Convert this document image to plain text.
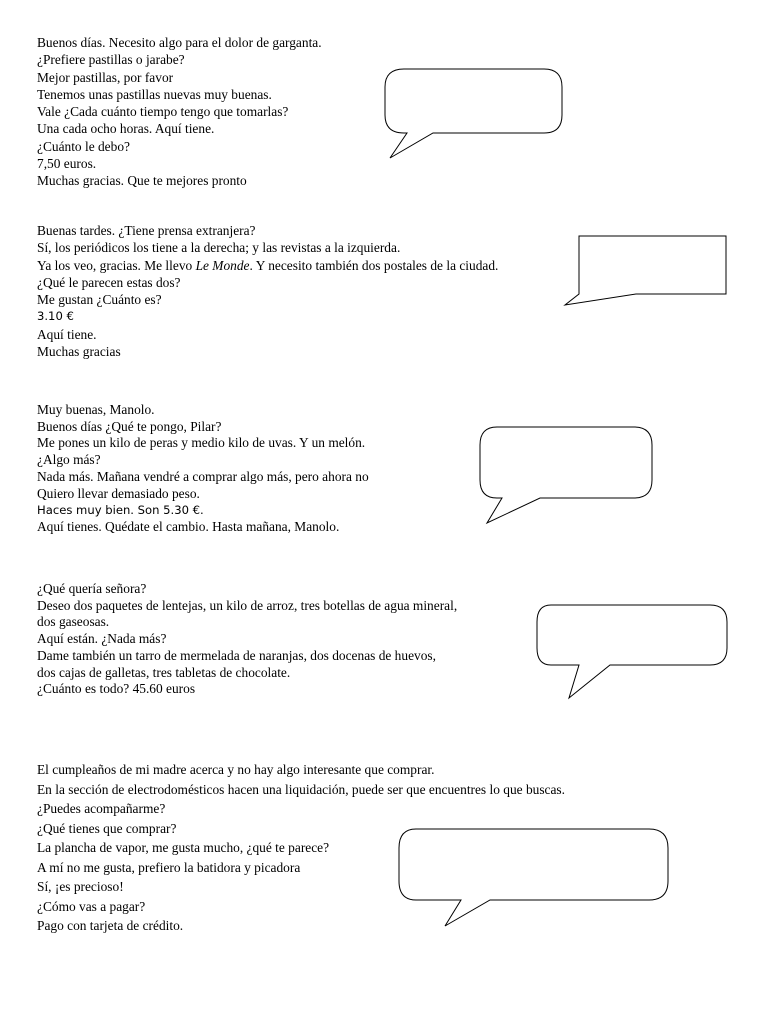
Buenos días. Necesito algo para el dolor de garganta.
¿Prefiere pastillas o jarabe?
Mejor pastillas, por favor
Tenemos unas pastillas nuevas muy buenas.
Vale ¿Cada cuánto tiempo tengo que tomarlas?
Una cada ocho horas. Aquí tiene.
¿Cuánto le debo?
7,50 euros.
Muchas gracias. Que te mejores pronto
Buenas tardes. ¿Tiene prensa extranjera?
Sí, los periódicos los tiene a la derecha; y las revistas a la izquierda.
Ya los veo, gracias. Me llevo Le Monde. Y necesito también dos postales de la ciudad.
¿Qué le parecen estas dos?
Me gustan ¿Cuánto es?
3.10 €
Aquí tiene.
Muchas gracias
Muy buenas, Manolo.
Buenos días ¿Qué te pongo, Pilar?
Me pones un kilo de peras y medio kilo de uvas. Y un melón.
¿Algo más?
Nada más. Mañana vendré a comprar algo más, pero ahora no
Quiero llevar demasiado peso.
Haces muy bien. Son 5.30 €.
Aquí tienes. Quédate el cambio. Hasta mañana, Manolo.
¿Qué quería señora?
Deseo dos paquetes de lentejas, un kilo de arroz, tres botellas de agua mineral,
dos gaseosas.
Aquí están. ¿Nada más?
Dame también un tarro de mermelada de naranjas, dos docenas de huevos,
dos cajas de galletas, tres tabletas de chocolate.
¿Cuánto es todo? 45.60 euros
El cumpleaños de mi madre acerca y no hay algo interesante que comprar.
En la sección de electrodomésticos hacen una liquidación, puede ser que encuentres lo que buscas.
¿Puedes acompañarme?
¿Qué tienes que comprar?
La plancha de vapor, me gusta mucho, ¿qué te parece?
A mí no me gusta, prefiero la batidora y picadora
Sí, ¡es precioso!
¿Cómo vas a pagar?
Pago con tarjeta de crédito.
